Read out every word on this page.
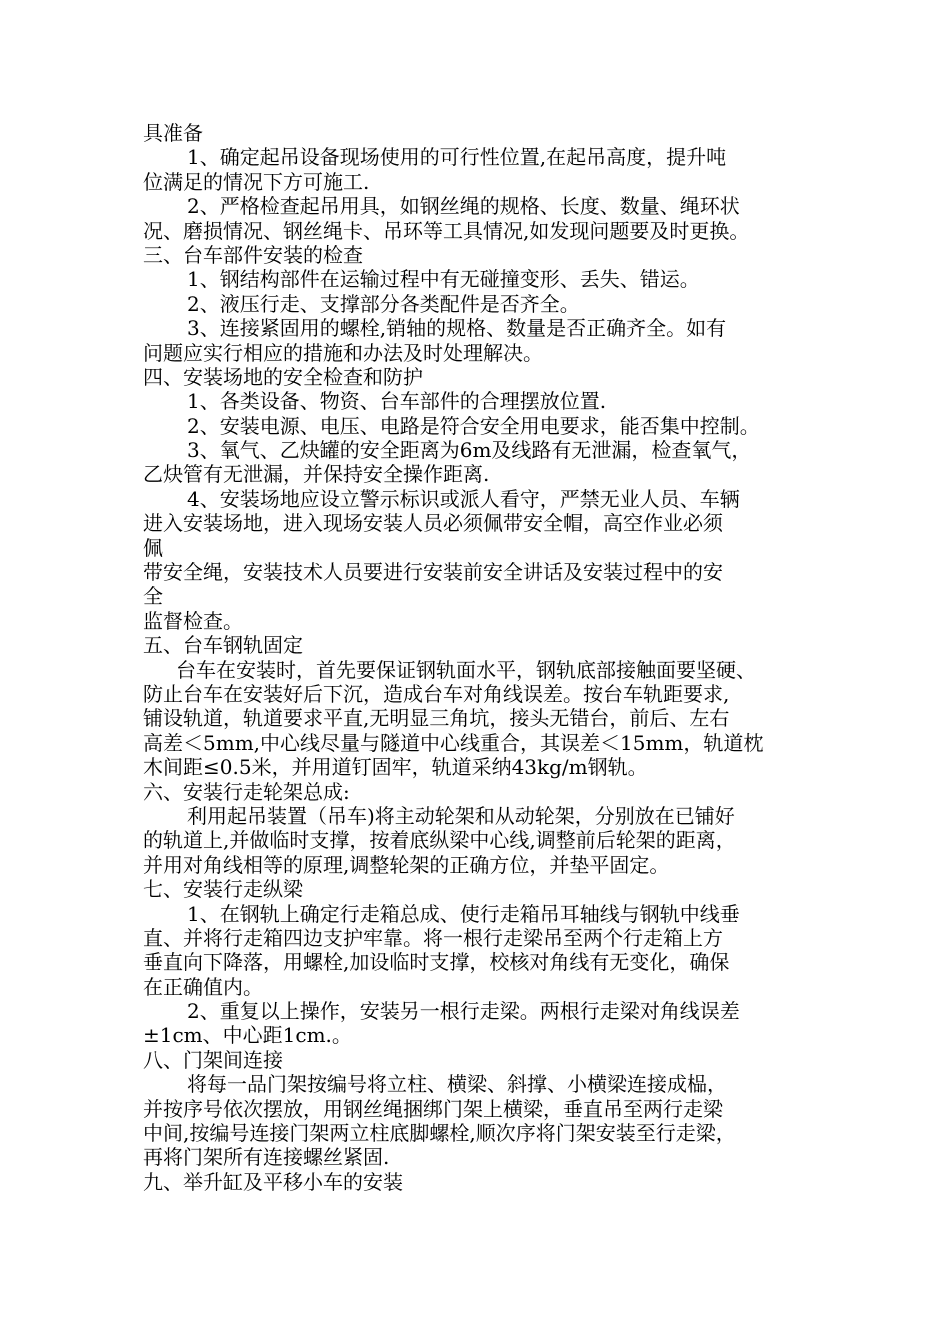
具准备
1、确定起吊设备现场使用的可行性位置,在起吊高度，提升吨
位满足的情况下方可施工.
2、严格检查起吊用具，如钢丝绳的规格、长度、数量、绳环状
况、磨损情况、钢丝绳卡、吊环等工具情况,如发现问题要及时更换。
三、台车部件安装的检查
1、钢结构部件在运输过程中有无碰撞变形、丢失、错运。
2、液压行走、支撑部分各类配件是否齐全。
3、连接紧固用的螺栓,销轴的规格、数量是否正确齐全。如有
问题应实行相应的措施和办法及时处理解决。
四、安装场地的安全检查和防护
1、各类设备、物资、台车部件的合理摆放位置.
2、安装电源、电压、电路是符合安全用电要求，能否集中控制。
3、氧气、乙炔罐的安全距离为6m及线路有无泄漏，检查氧气，
乙炔管有无泄漏，并保持安全操作距离.
4、安装场地应设立警示标识或派人看守，严禁无业人员、车辆
进入安装场地，进入现场安装人员必须佩带安全帽，高空作业必须
佩
带安全绳，安装技术人员要进行安装前安全讲话及安装过程中的安
全
监督检查。
五、台车钢轨固定
台车在安装时，首先要保证钢轨面水平，钢轨底部接触面要坚硬、
防止台车在安装好后下沉，造成台车对角线误差。按台车轨距要求,
铺设轨道，轨道要求平直,无明显三角坑，接头无错台，前后、左右
高差＜5mm,中心线尽量与隧道中心线重合，其误差＜15mm，轨道枕
木间距≤0.5米，并用道钉固牢，轨道采纳43kg/m钢轨。
六、安装行走轮架总成:
利用起吊装置（吊车)将主动轮架和从动轮架，分别放在已铺好
的轨道上,并做临时支撑，按着底纵梁中心线,调整前后轮架的距离，
并用对角线相等的原理,调整轮架的正确方位，并垫平固定。
七、安装行走纵梁
1、在钢轨上确定行走箱总成、使行走箱吊耳轴线与钢轨中线垂
直、并将行走箱四边支护牢靠。将一根行走梁吊至两个行走箱上方
垂直向下降落，用螺栓,加设临时支撑，校核对角线有无变化，确保
在正确值内。
2、重复以上操作，安装另一根行走梁。两根行走梁对角线误差
±1cm、中心距1cm.。
八、门架间连接
将每一品门架按编号将立柱、横梁、斜撑、小横梁连接成榀，
并按序号依次摆放，用钢丝绳捆绑门架上横梁，垂直吊至两行走梁
中间,按编号连接门架两立柱底脚螺栓,顺次序将门架安装至行走梁，
再将门架所有连接螺丝紧固.
九、举升缸及平移小车的安装
